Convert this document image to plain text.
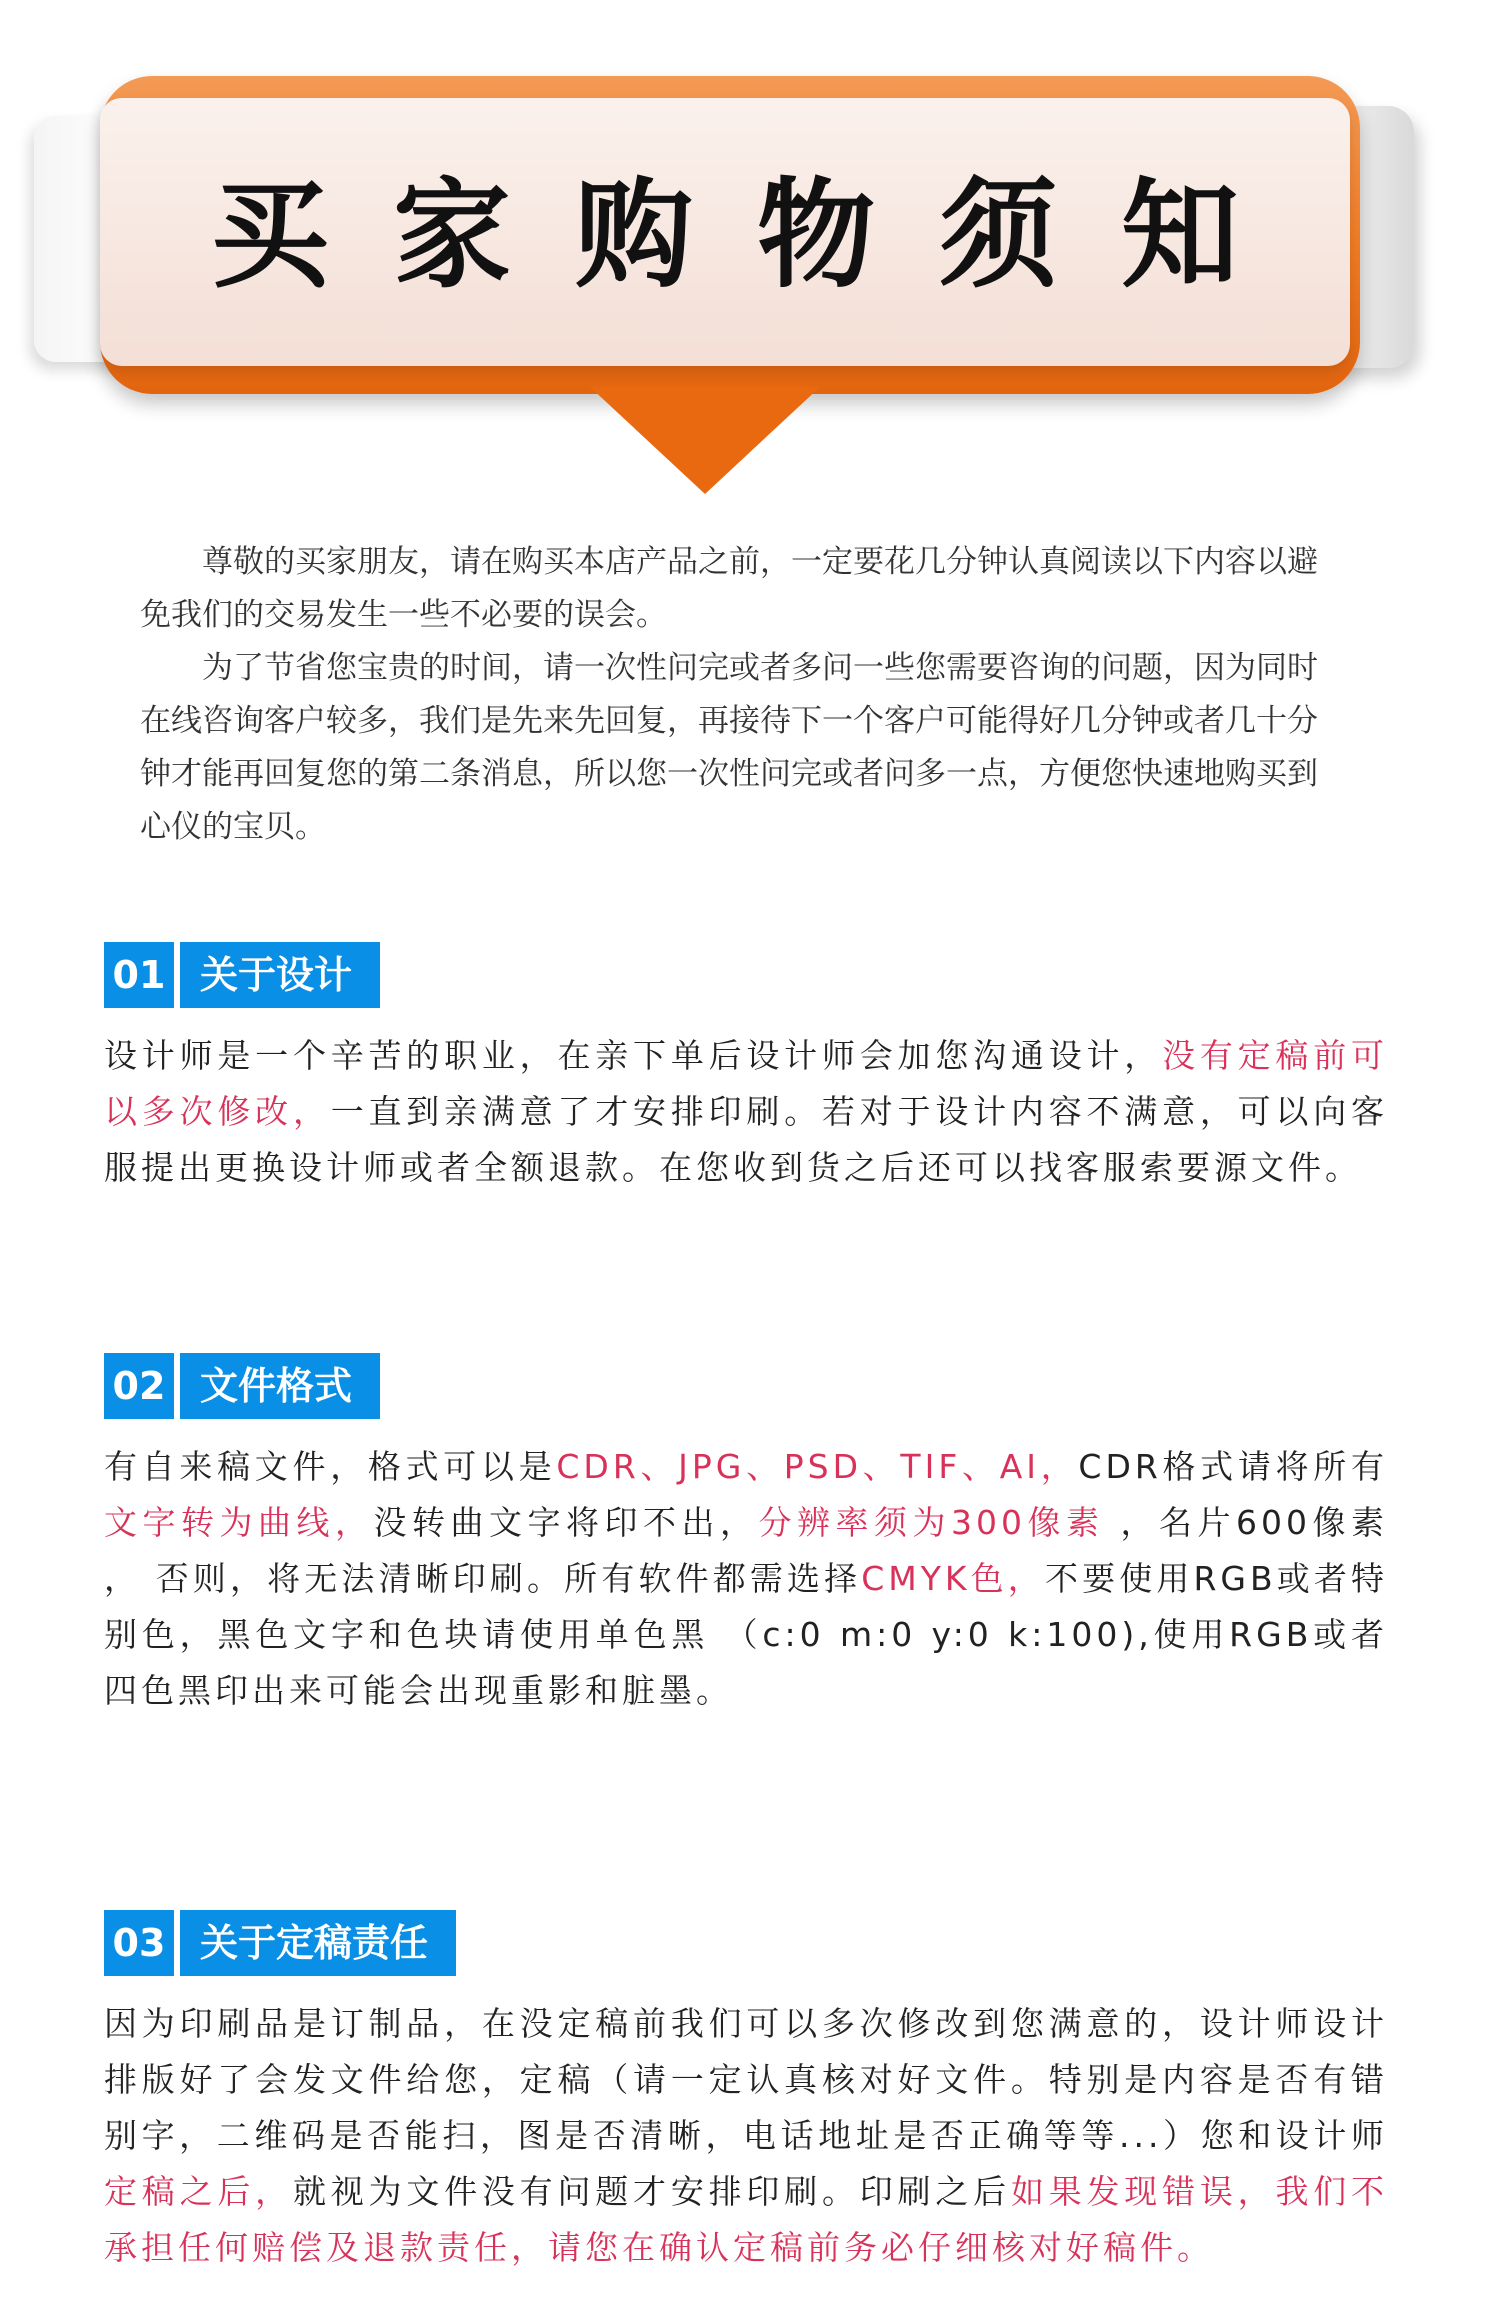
买家购物须知

尊敬的买家朋友，请在购买本店产品之前，一定要花几分钟认真阅读以下内容以避免我们的交易发生一些不必要的误会。

为了节省您宝贵的时间，请一次性问完或者多问一些您需要咨询的问题，因为同时在线咨询客户较多，我们是先来先回复，再接待下一个客户可能得好几分钟或者几十分钟才能再回复您的第二条消息，所以您一次性问完或者问多一点，方便您快速地购买到心仪的宝贝。

01 关于设计
设计师是一个辛苦的职业，在亲下单后设计师会加您沟通设计，没有定稿前可以多次修改，一直到亲满意了才安排印刷。若对于设计内容不满意，可以向客服提出更换设计师或者全额退款。在您收到货之后还可以找客服索要源文件。
02 文件格式
有自来稿文件，格式可以是CDR、JPG、PSD、TIF、AI，CDR格式请将所有文字转为曲线，没转曲文字将印不出，分辨率须为300像素 ，名片600像素 ， 否则，将无法清晰印刷。所有软件都需选择CMYK色，不要使用RGB或者特别色，黑色文字和色块请使用单色黑 （c:0 m:0 y:0 k:100),使用RGB或者四色黑印出来可能会出现重影和脏墨。
03 关于定稿责任
因为印刷品是订制品，在没定稿前我们可以多次修改到您满意的，设计师设计排版好了会发文件给您，定稿（请一定认真核对好文件。特别是内容是否有错别字，二维码是否能扫，图是否清晰，电话地址是否正确等等...）您和设计师定稿之后，就视为文件没有问题才安排印刷。印刷之后如果发现错误，我们不承担任何赔偿及退款责任，请您在确认定稿前务必仔细核对好稿件。
